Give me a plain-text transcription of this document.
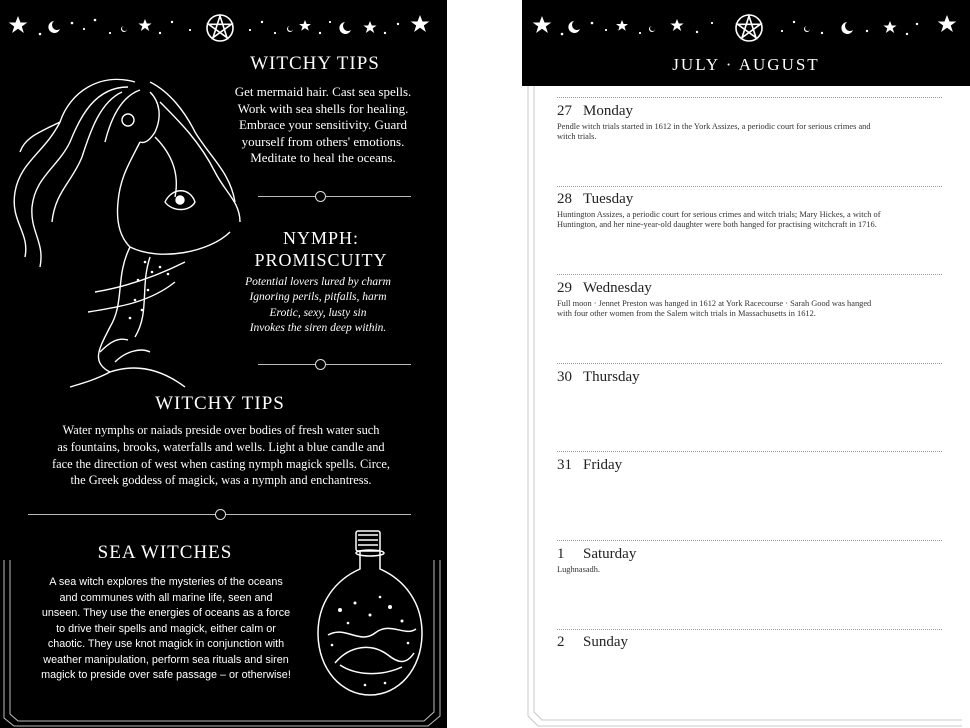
WITCHY TIPS
Get mermaid hair. Cast sea spells.
Work with sea shells for healing.
Embrace your sensitivity. Guard
yourself from others' emotions.
Meditate to heal the oceans.
NYMPH:
PROMISCUITY
Potential lovers lured by charm
Ignoring perils, pitfalls, harm
Erotic, sexy, lusty sin
Invokes the siren deep within.
WITCHY TIPS
Water nymphs or naiads preside over bodies of fresh water such
as fountains, brooks, waterfalls and wells. Light a blue candle and
face the direction of west when casting nymph magick spells. Circe,
the Greek goddess of magick, was a nymph and enchantress.
SEA WITCHES
A sea witch explores the mysteries of the oceans
and communes with all marine life, seen and
unseen. They use the energies of oceans as a force
to drive their spells and magick, either calm or
chaotic. They use knot magick in conjunction with
weather manipulation, perform sea rituals and siren
magick to preside over safe passage – or otherwise!
JULY · AUGUST
27 Monday
Pendle witch trials started in 1612 in the York Assizes, a periodic court for serious crimes and
witch trials.
28 Tuesday
Huntington Assizes, a periodic court for serious crimes and witch trials; Mary Hickes, a witch of
Huntington, and her nine-year-old daughter were both hanged for practising witchcraft in 1716.
29 Wednesday
Full moon · Jennet Preston was hanged in 1612 at York Racecourse · Sarah Good was hanged
with four other women from the Salem witch trials in Massachusetts in 1612.
30 Thursday
31 Friday
1 Saturday
Lughnasadh.
2 Sunday
